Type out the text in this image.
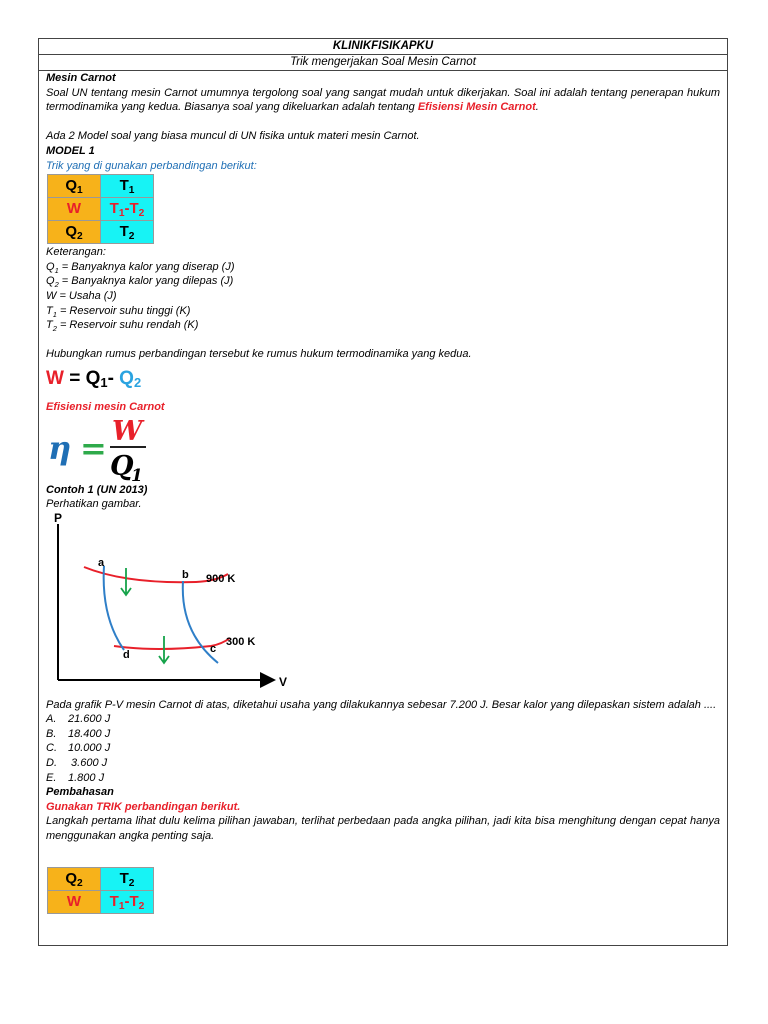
KLINIKFISIKAPKU
Trik mengerjakan Soal Mesin Carnot
Mesin Carnot
Soal UN tentang mesin Carnot umumnya tergolong soal yang sangat mudah untuk dikerjakan. Soal ini adalah tentang penerapan hukum termodinamika yang kedua. Biasanya soal yang dikeluarkan adalah tentang Efisiensi Mesin Carnot.
Ada 2 Model soal yang biasa muncul di UN fisika untuk materi mesin Carnot.
MODEL 1
Trik yang di gunakan perbandingan berikut:
$Q_1$	$T_1$
W	$T_1-T_2$
$Q_2$	$T_2$
Keterangan:
$Q_1$ = Banyaknya kalor yang diserap (J)
$Q_2$ = Banyaknya kalor yang dilepas (J)
W = Usaha (J)
$T_1$ = Reservoir suhu tinggi (K)
$T_2$ = Reservoir suhu rendah (K)
Hubungkan rumus perbandingan tersebut ke rumus hukum termodinamika yang kedua.
$W = Q_1-$ $Q_2$
Efisiensi mesin Carnot
η = W
Q
1
Contoh 1 (UN 2013)
Perhatikan gambar.
P
V
a
b
c
d
900 K
300 K
Pada grafik P-V mesin Carnot di atas, diketahui usaha yang dilakukannya sebesar 7.200 J. Besar kalor yang dilepaskan sistem adalah ....
A. 21.600 J
B. 18.400 J
C. 10.000 J
D. 3.600 J
E. 1.800 J
Pembahasan
Gunakan TRIK perbandingan berikut.
Langkah pertama lihat dulu kelima pilihan jawaban, terlihat perbedaan pada angka pilihan, jadi kita bisa menghitung dengan cepat hanya menggunakan angka penting saja.
$Q_2$	$T_2$
W	$T_1-T_2$
